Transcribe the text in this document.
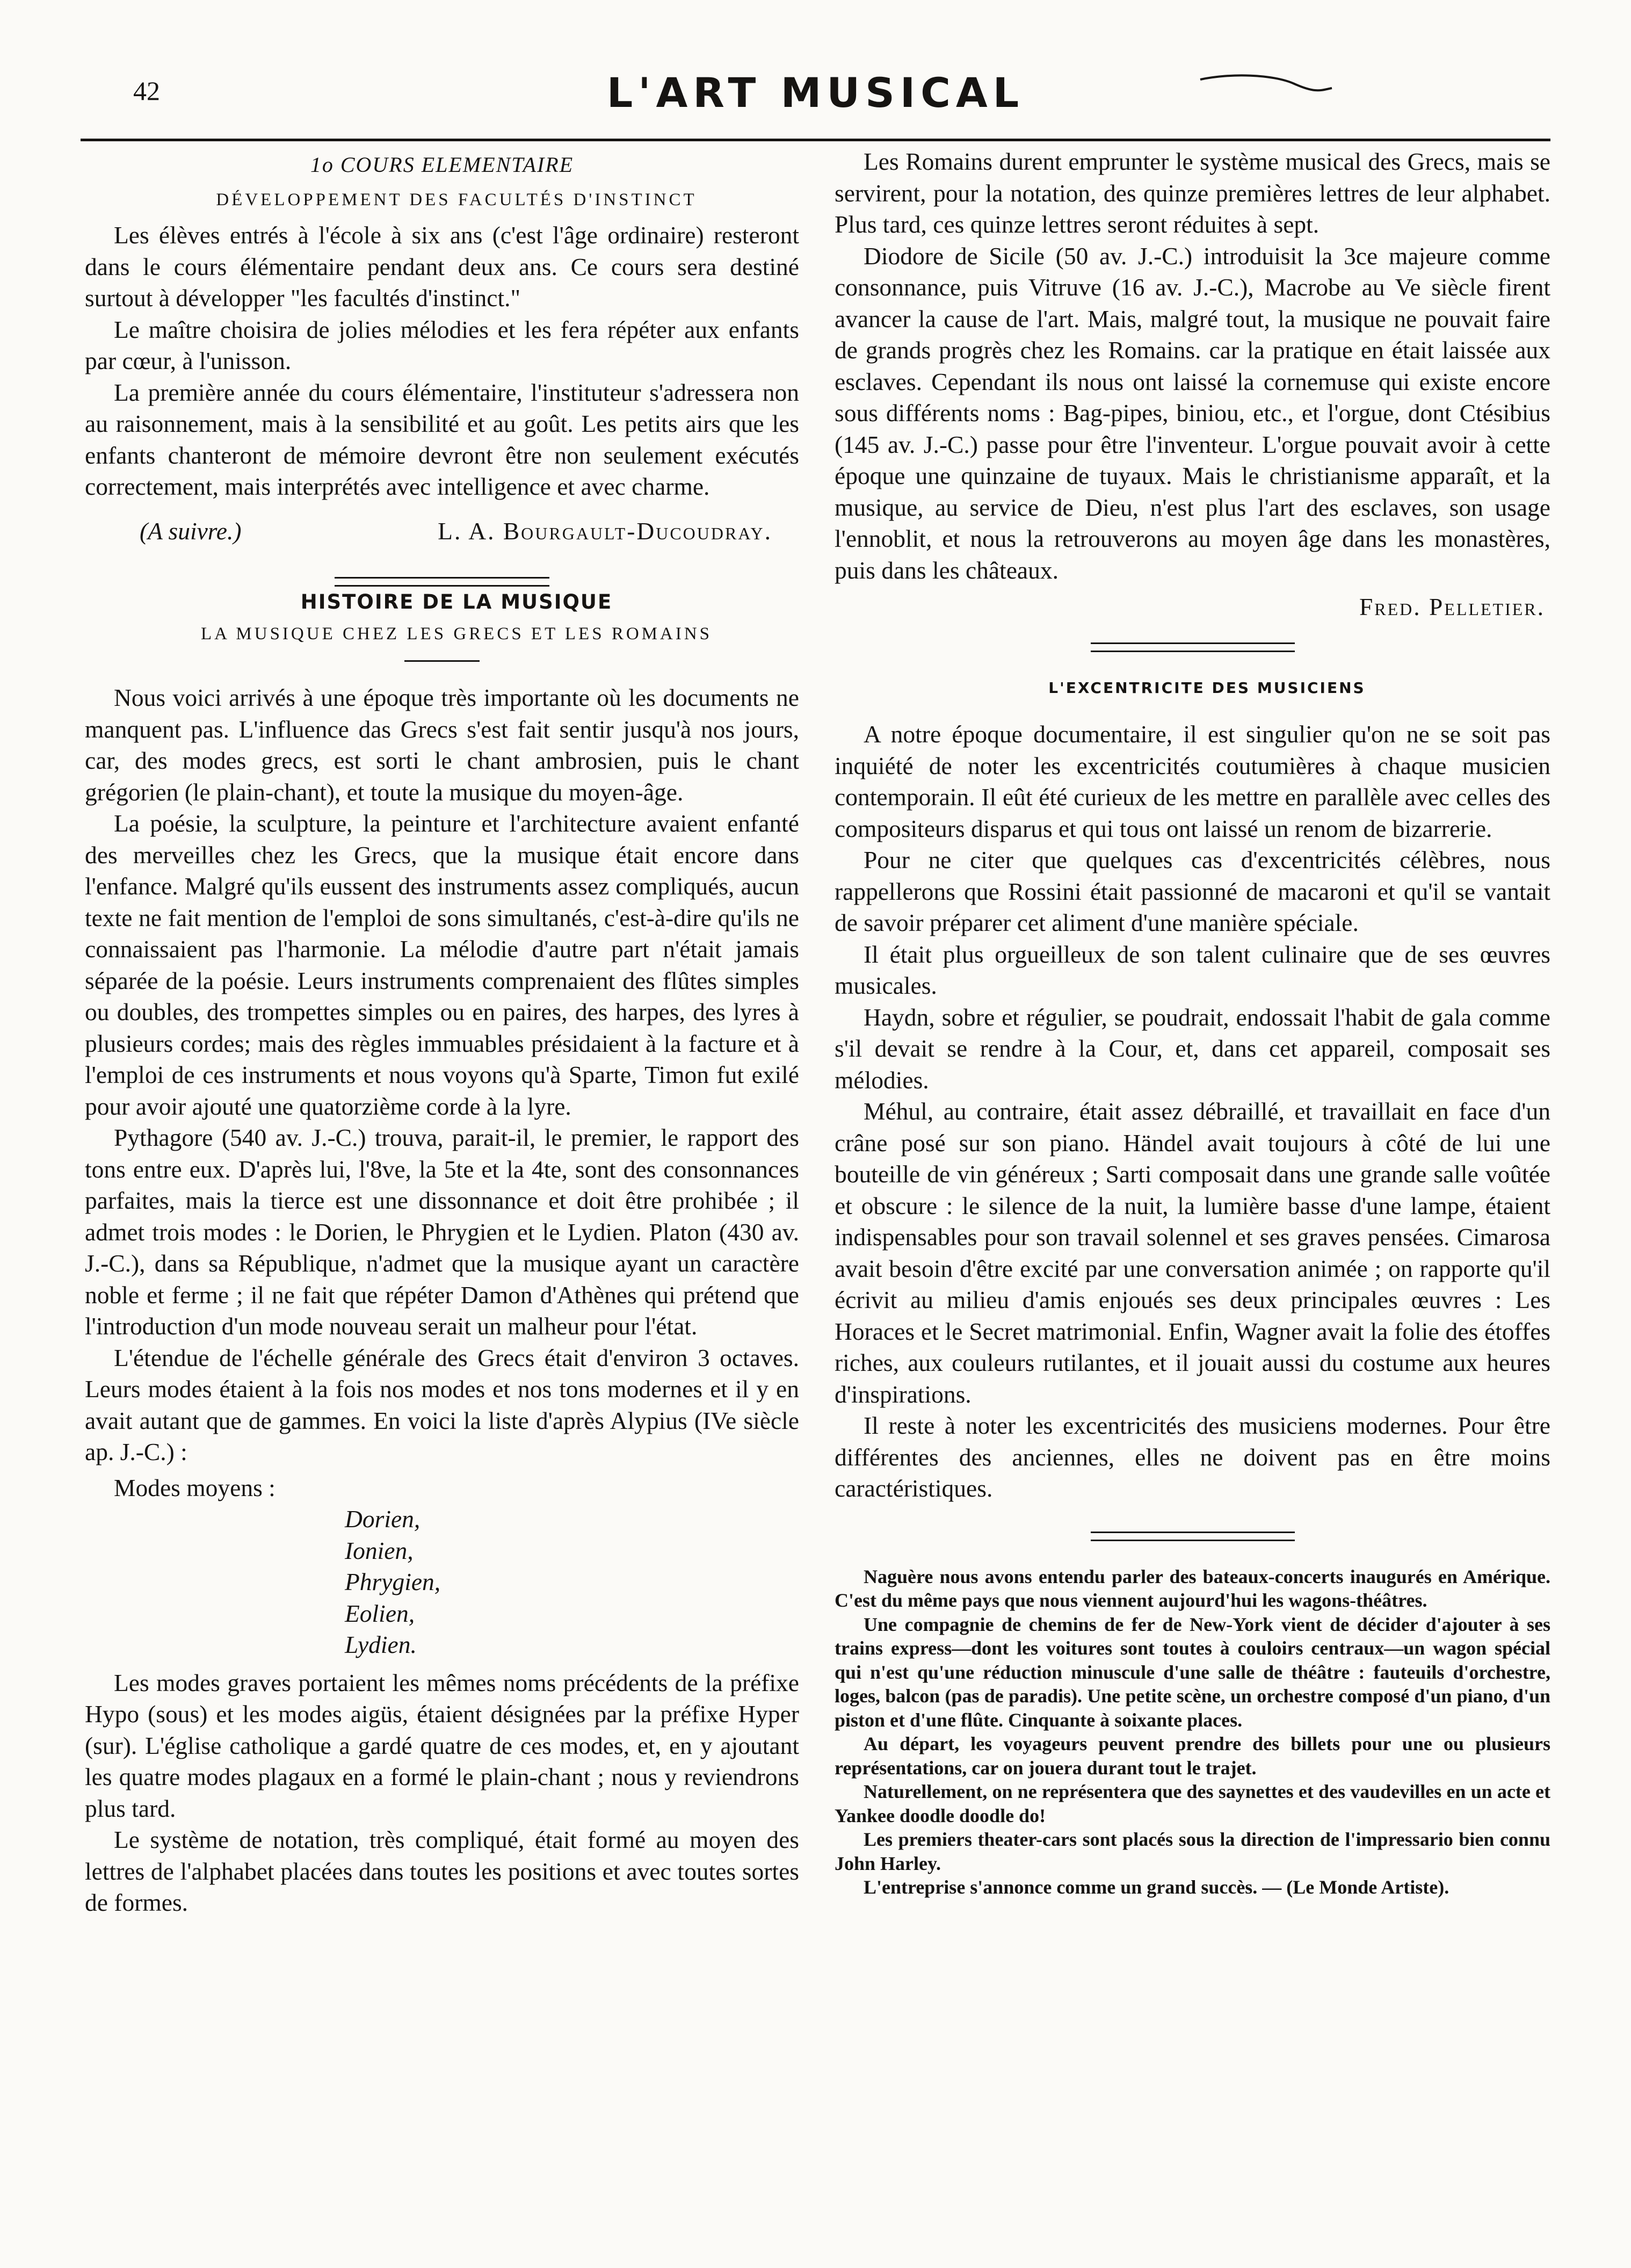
42	L'ART MUSICAL

1o COURS ELEMENTAIRE

DÉVELOPPEMENT DES FACULTÉS D'INSTINCT

Les élèves entrés à l'école à six ans (c'est l'âge ordinaire) resteront dans le cours élémentaire pendant deux ans. Ce cours sera destiné surtout à développer "les facultés d'instinct."

Le maître choisira de jolies mélodies et les fera répéter aux enfants par cœur, à l'unisson.

La première année du cours élémentaire, l'instituteur s'adressera non au raisonnement, mais à la sensibilité et au goût. Les petits airs que les enfants chanteront de mémoire devront être non seulement exécutés correctement, mais interprétés avec intelligence et avec charme.

(A suivre.)	L. A. Bourgault-Ducoudray.

HISTOIRE DE LA MUSIQUE

LA MUSIQUE CHEZ LES GRECS ET LES ROMAINS

Nous voici arrivés à une époque très importante où les documents ne manquent pas. L'influence das Grecs s'est fait sentir jusqu'à nos jours, car, des modes grecs, est sorti le chant ambrosien, puis le chant grégorien (le plain-chant), et toute la musique du moyen-âge.

La poésie, la sculpture, la peinture et l'architecture avaient enfanté des merveilles chez les Grecs, que la musique était encore dans l'enfance. Malgré qu'ils eussent des instruments assez compliqués, aucun texte ne fait mention de l'emploi de sons simultanés, c'est-à-dire qu'ils ne connaissaient pas l'harmonie. La mélodie d'autre part n'était jamais séparée de la poésie. Leurs instruments comprenaient des flûtes simples ou doubles, des trompettes simples ou en paires, des harpes, des lyres à plusieurs cordes; mais des règles immuables présidaient à la facture et à l'emploi de ces instruments et nous voyons qu'à Sparte, Timon fut exilé pour avoir ajouté une quatorzième corde à la lyre.

Pythagore (540 av. J.-C.) trouva, parait-il, le premier, le rapport des tons entre eux. D'après lui, l'8ve, la 5te et la 4te, sont des consonnances parfaites, mais la tierce est une dissonnance et doit être prohibée ; il admet trois modes : le Dorien, le Phrygien et le Lydien. Platon (430 av. J.-C.), dans sa République, n'admet que la musique ayant un caractère noble et ferme ; il ne fait que répéter Damon d'Athènes qui prétend que l'introduction d'un mode nouveau serait un malheur pour l'état.

L'étendue de l'échelle générale des Grecs était d'environ 3 octaves. Leurs modes étaient à la fois nos modes et nos tons modernes et il y en avait autant que de gammes. En voici la liste d'après Alypius (IVe siècle ap. J.-C.) :

Modes moyens :

Dorien,

Ionien,

Phrygien,

Eolien,

Lydien.

Les modes graves portaient les mêmes noms précédents de la préfixe Hypo (sous) et les modes aigüs, étaient désignées par la préfixe Hyper (sur). L'église catholique a gardé quatre de ces modes, et, en y ajoutant les quatre modes plagaux en a formé le plain-chant ; nous y reviendrons plus tard.

Le système de notation, très compliqué, était formé au moyen des lettres de l'alphabet placées dans toutes les positions et avec toutes sortes de formes.

Les Romains durent emprunter le système musical des Grecs, mais se servirent, pour la notation, des quinze premières lettres de leur alphabet. Plus tard, ces quinze lettres seront réduites à sept.

Diodore de Sicile (50 av. J.-C.) introduisit la 3ce majeure comme consonnance, puis Vitruve (16 av. J.-C.), Macrobe au Ve siècle firent avancer la cause de l'art. Mais, malgré tout, la musique ne pouvait faire de grands progrès chez les Romains. car la pratique en était laissée aux esclaves. Cependant ils nous ont laissé la cornemuse qui existe encore sous différents noms : Bag-pipes, biniou, etc., et l'orgue, dont Ctésibius (145 av. J.-C.) passe pour être l'inventeur. L'orgue pouvait avoir à cette époque une quinzaine de tuyaux. Mais le christianisme apparaît, et la musique, au service de Dieu, n'est plus l'art des esclaves, son usage l'ennoblit, et nous la retrouverons au moyen âge dans les monastères, puis dans les châteaux.

Fred. Pelletier.

L'EXCENTRICITE DES MUSICIENS

A notre époque documentaire, il est singulier qu'on ne se soit pas inquiété de noter les excentricités coutumières à chaque musicien contemporain. Il eût été curieux de les mettre en parallèle avec celles des compositeurs disparus et qui tous ont laissé un renom de bizarrerie.

Pour ne citer que quelques cas d'excentricités célèbres, nous rappellerons que Rossini était passionné de macaroni et qu'il se vantait de savoir préparer cet aliment d'une manière spéciale.

Il était plus orgueilleux de son talent culinaire que de ses œuvres musicales.

Haydn, sobre et régulier, se poudrait, endossait l'habit de gala comme s'il devait se rendre à la Cour, et, dans cet appareil, composait ses mélodies.

Méhul, au contraire, était assez débraillé, et travaillait en face d'un crâne posé sur son piano. Händel avait toujours à côté de lui une bouteille de vin généreux ; Sarti composait dans une grande salle voûtée et obscure : le silence de la nuit, la lumière basse d'une lampe, étaient indispensables pour son travail solennel et ses graves pensées. Cimarosa avait besoin d'être excité par une conversation animée ; on rapporte qu'il écrivit au milieu d'amis enjoués ses deux principales œuvres : Les Horaces et le Secret matrimonial. Enfin, Wagner avait la folie des étoffes riches, aux couleurs rutilantes, et il jouait aussi du costume aux heures d'inspirations.

Il reste à noter les excentricités des musiciens modernes. Pour être différentes des anciennes, elles ne doivent pas en être moins caractéristiques.

Naguère nous avons entendu parler des bateaux-concerts inaugurés en Amérique. C'est du même pays que nous viennent aujourd'hui les wagons-théâtres.

Une compagnie de chemins de fer de New-York vient de décider d'ajouter à ses trains express—dont les voitures sont toutes à couloirs centraux—un wagon spécial qui n'est qu'une réduction minuscule d'une salle de théâtre : fauteuils d'orchestre, loges, balcon (pas de paradis). Une petite scène, un orchestre composé d'un piano, d'un piston et d'une flûte. Cinquante à soixante places.

Au départ, les voyageurs peuvent prendre des billets pour une ou plusieurs représentations, car on jouera durant tout le trajet.

Naturellement, on ne représentera que des saynettes et des vaudevilles en un acte et Yankee doodle doodle do!

Les premiers theater-cars sont placés sous la direction de l'impressario bien connu John Harley.

L'entreprise s'annonce comme un grand succès. — (Le Monde Artiste).
